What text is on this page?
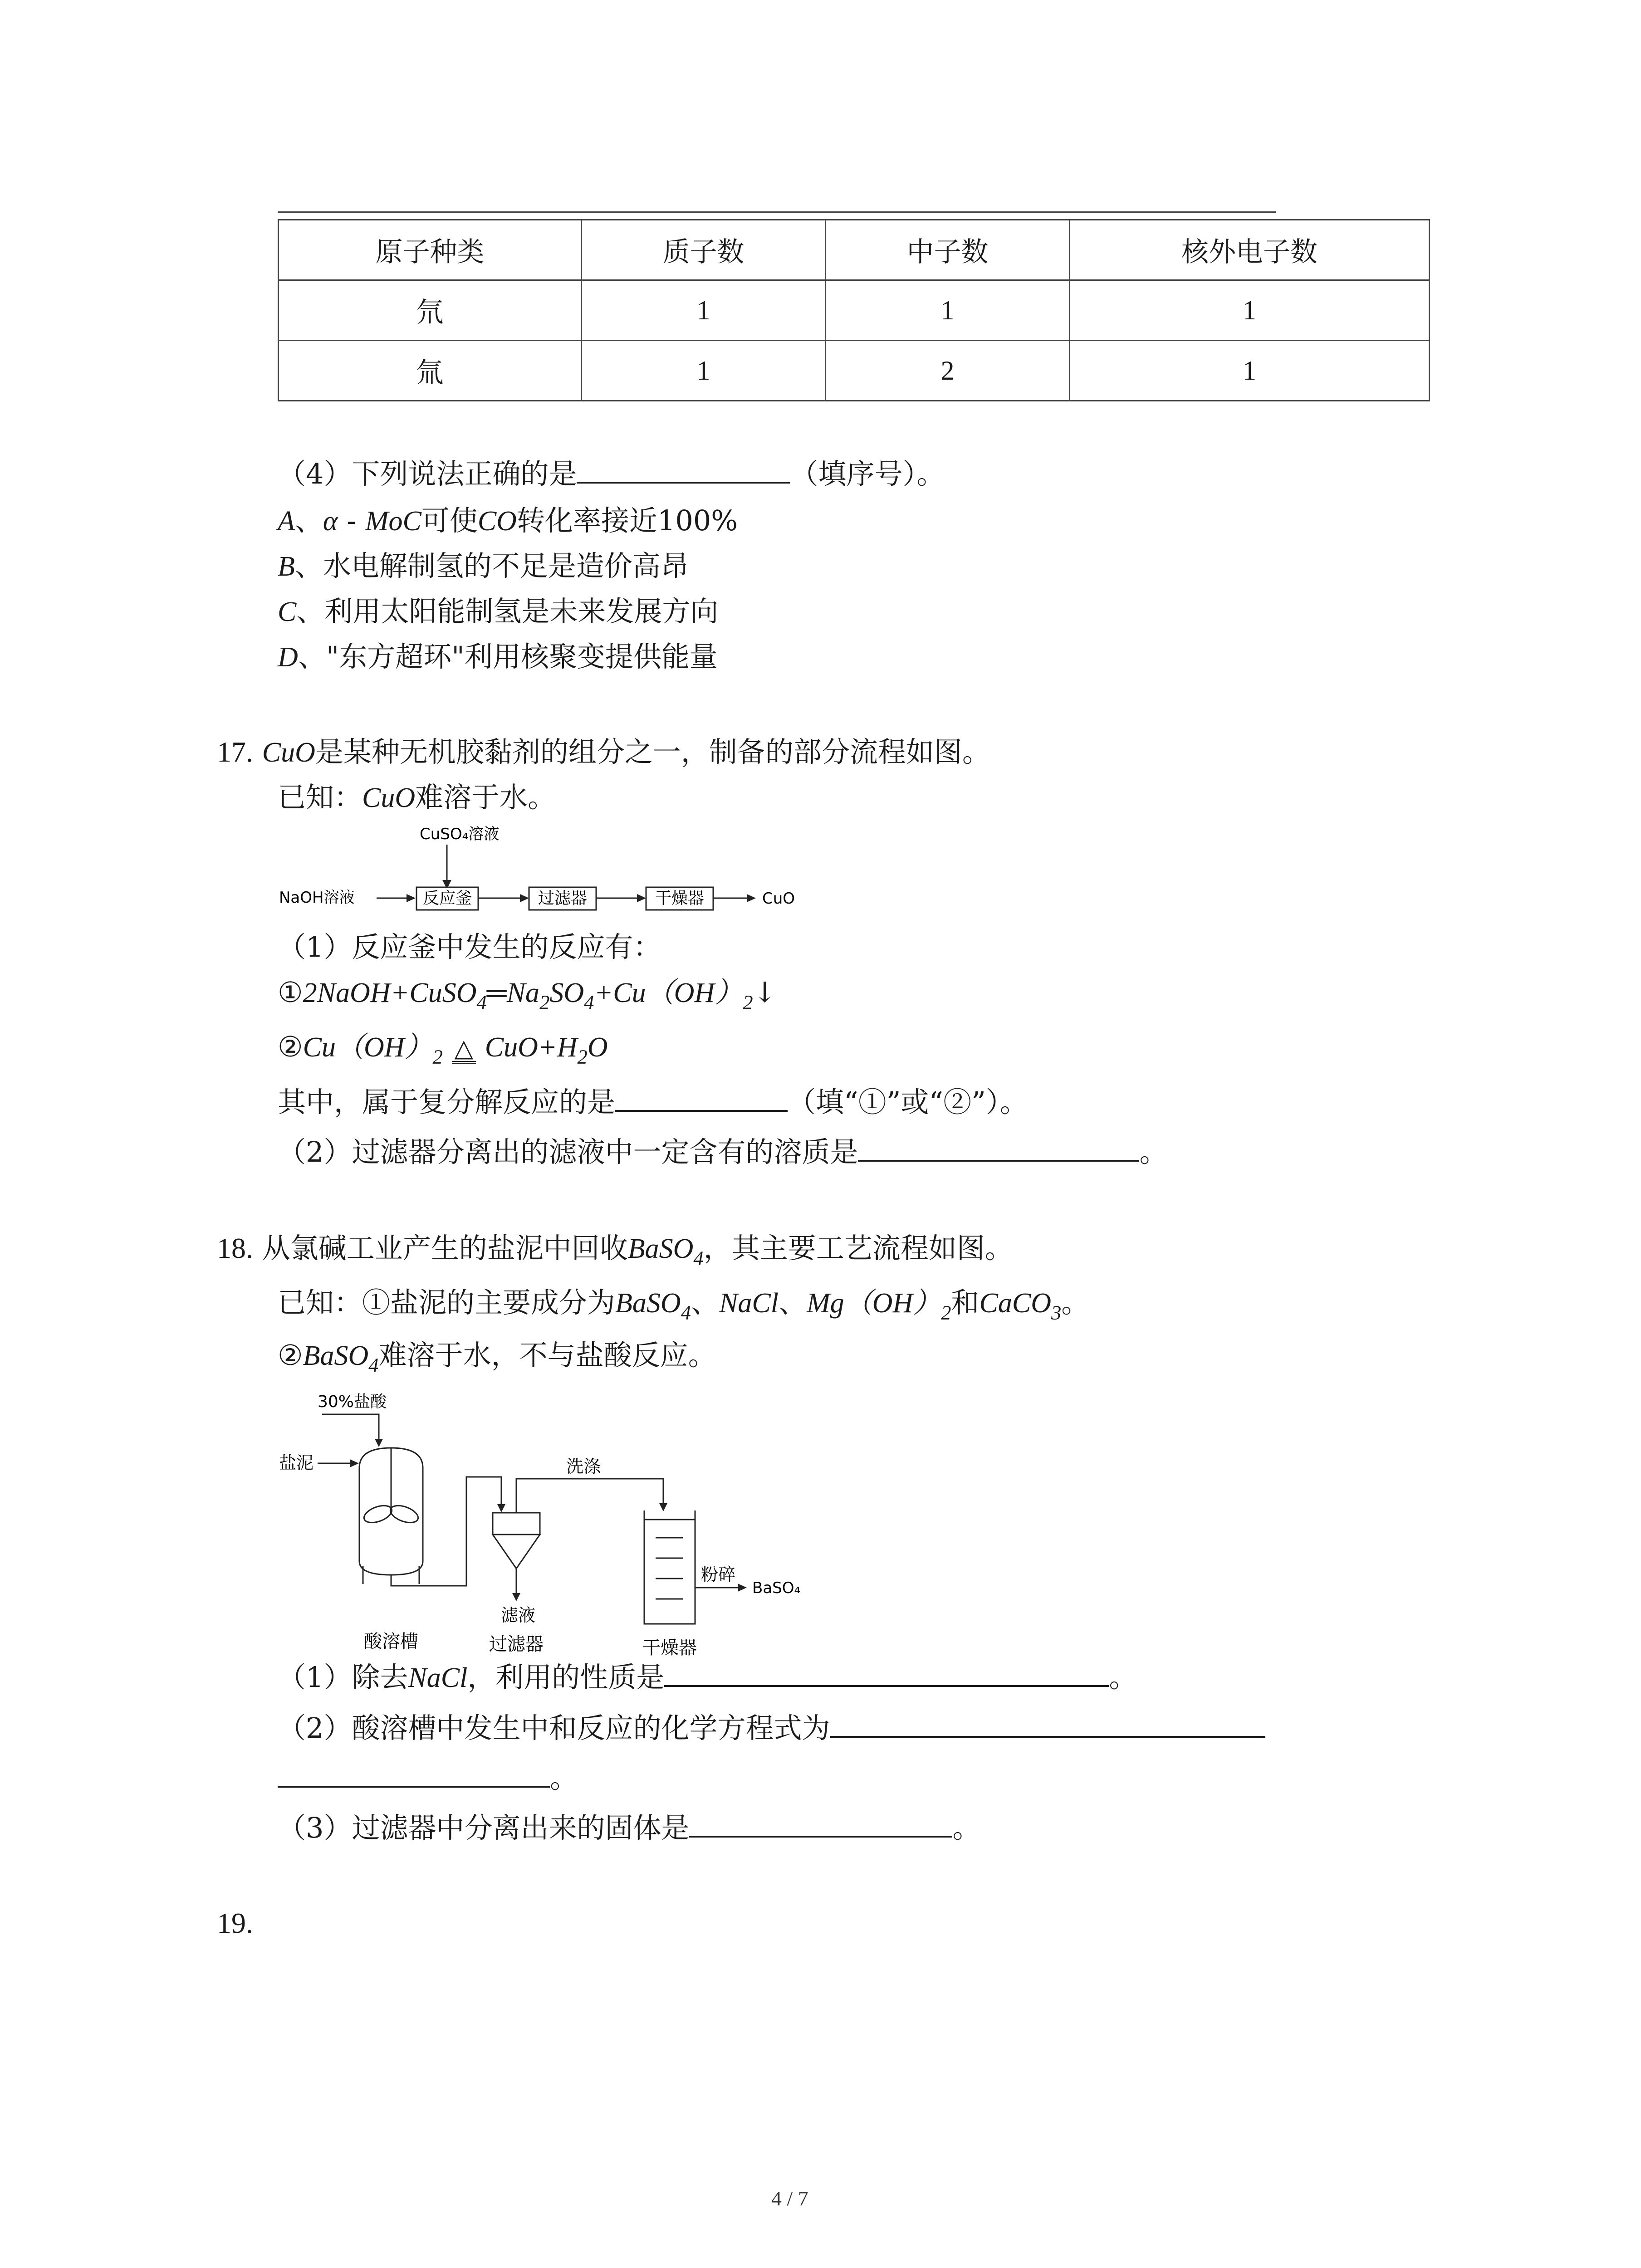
原子种类	质子数	中子数	核外电子数
氘	1	1	1
氚	1	2	1
（4）下列说法正确的是	（填序号）。
A、α - MoC可使CO转化率接近100%
B、水电解制氢的不足是造价高昂
C、利用太阳能制氢是未来发展方向
D、"东方超环"利用核聚变提供能量
17. CuO是某种无机胶黏剂的组分之一，制备的部分流程如图。
已知：CuO难溶于水。
CuSO₄溶液
NaOH溶液	反应釜	过滤器	干燥器	CuO
（1）反应釜中发生的反应有：
$①2NaOH+CuSO_4═Na_2SO_4+Cu(OH)_2↓$
$②Cu(OH)_2$ △ $CuO+H_2O$
其中，属于复分解反应的是	（填“①”或“②”）。
（2）过滤器分离出的滤液中一定含有的溶质是	。
18. 从氯碱工业产生的盐泥中回收BaSO$_4$，其主要工艺流程如图。
已知：①盐泥的主要成分为BaSO$_4$、NaCl、$Mg(OH)_2$和CaCO$_3$。
②BaSO$_4$难溶于水，不与盐酸反应。
30%盐酸
盐泥
滤液
洗涤
粉碎
BaSO₄
酸溶槽	过滤器	干燥器
（1）除去NaCl，利用的性质是	。
（2）酸溶槽中发生中和反应的化学方程式为
。
（3）过滤器中分离出来的固体是	。
19.
4 / 7
